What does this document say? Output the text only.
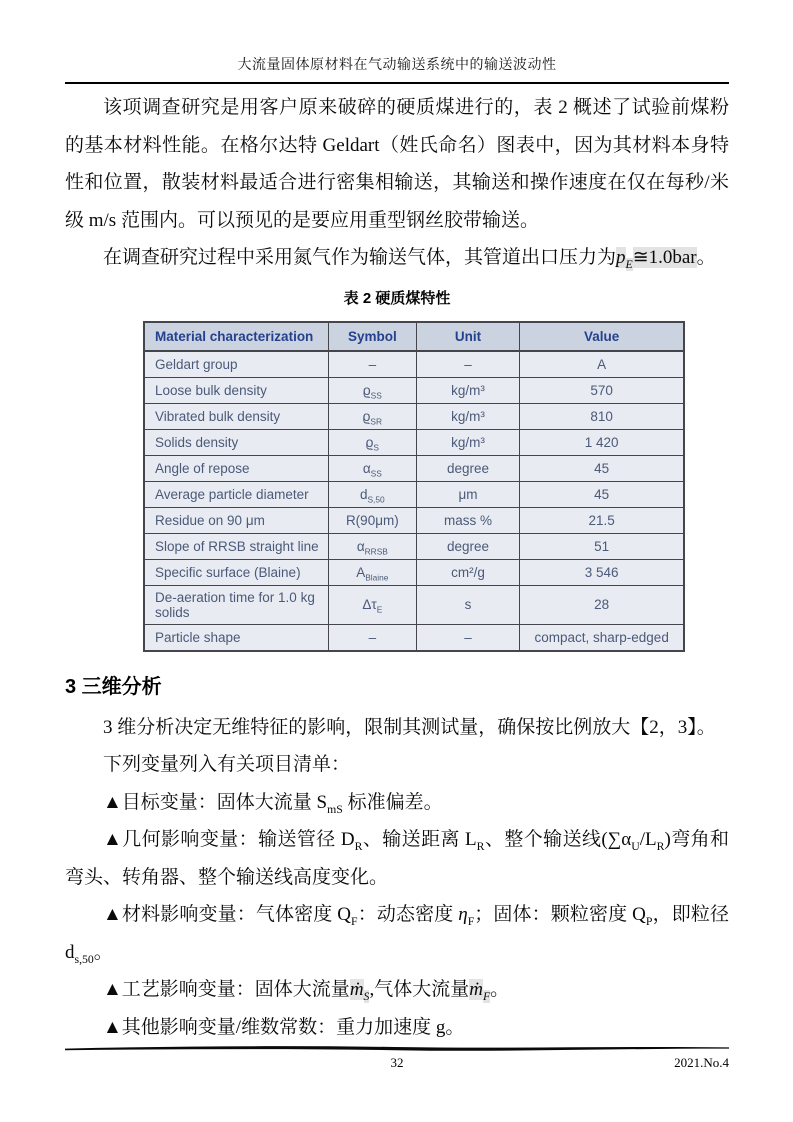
大流量固体原材料在气动输送系统中的输送波动性

该项调查研究是用客户原来破碎的硬质煤进行的，表 2 概述了试验前煤粉的基本材料性能。在格尔达特 Geldart（姓氏命名）图表中，因为其材料本身特性和位置，散装材料最适合进行密集相输送，其输送和操作速度在仅在每秒/米级 m/s 范围内。可以预见的是要应用重型钢丝胶带输送。

在调查研究过程中采用氮气作为输送气体，其管道出口压力为$p_E≅1.0bar$。

表 2 硬质煤特性
Material characterization	Symbol	Unit	Value
Geldart group	–	–	A
Loose bulk density	$ϱ_{SS}$	kg/m³	570
Vibrated bulk density	$ϱ_{SR}$	kg/m³	810
Solids density	$ϱ_S$	kg/m³	1 420
Angle of repose	$\alpha_{SS}$	degree	45
Average particle diameter	$d_{S,50}$	μm	45
Residue on 90 μm	R(90μm)	mass %	21.5
Slope of RRSB straight line	$\alpha_{RRSB}$	degree	51
Specific surface (Blaine)	$A_{Blaine}$	cm²/g	3 546
De-aeration time for 1.0 kg solids	$\Delta\tau_E$	s	28
Particle shape	–	–	compact, sharp-edged
3 三维分析

3 维分析决定无维特征的影响，限制其测试量，确保按比例放大【2，3】。

下列变量列入有关项目清单：

▲目标变量：固体大流量 $S_{mS}$ 标准偏差。

▲几何影响变量：输送管径 $D_R$、输送距离 $L_R$、整个输送线$(\sum\alpha_U/L_R)$弯角和弯头、转角器、整个输送线高度变化。

▲材料影响变量：气体密度 $Q_F$：动态密度 $\eta_F$；固体：颗粒密度 $Q_P$，即粒径 $d_{s,50}$。

▲工艺影响变量：固体大流量ṁ$_S$,气体大流量ṁ$_F$。

▲其他影响变量/维数常数：重力加速度 g。

32	2021.No.4
